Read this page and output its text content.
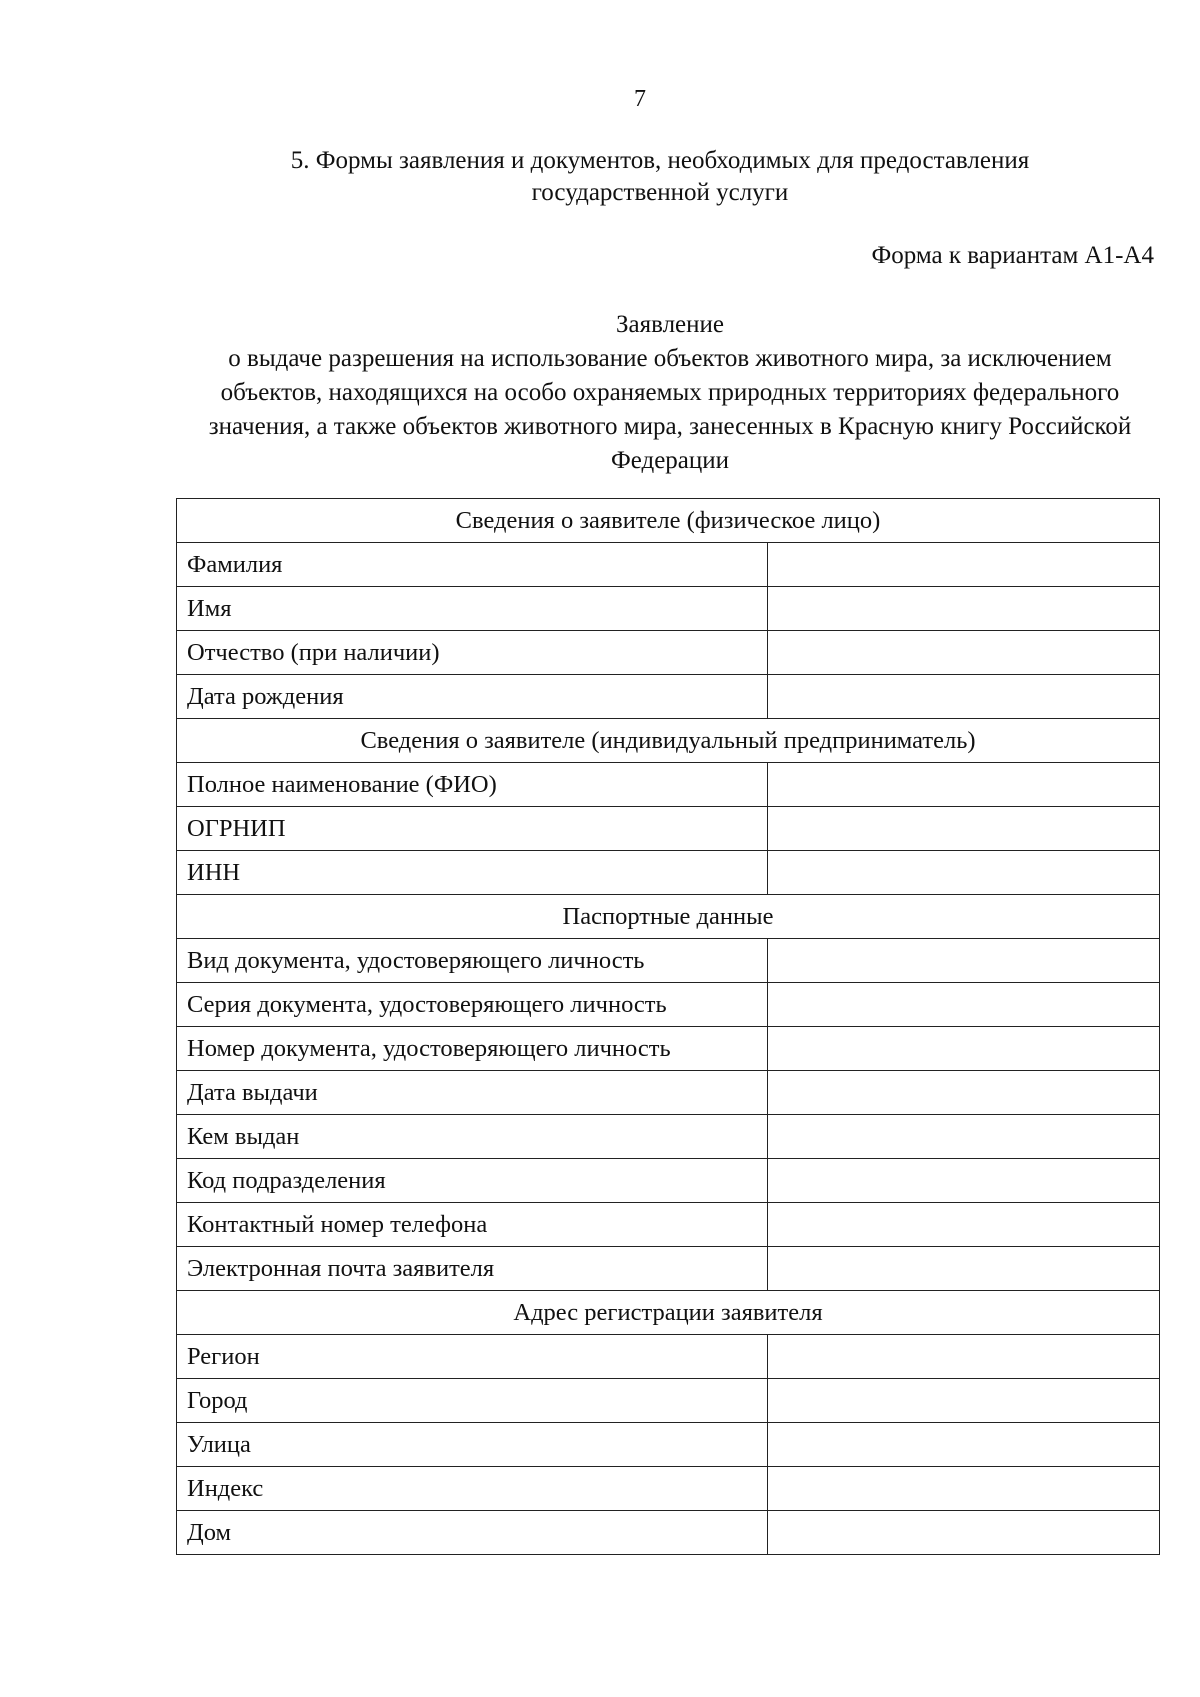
7
5. Формы заявления и документов, необходимых для предоставления государственной услуги
Форма к вариантам А1-А4
Заявление
о выдаче разрешения на использование объектов животного мира, за исключением объектов, находящихся на особо охраняемых природных территориях федерального значения, а также объектов животного мира, занесенных в Красную книгу Российской Федерации
Сведения о заявителе (физическое лицо)	
Фамилия	
Имя	
Отчество (при наличии)	
Дата рождения	
Сведения о заявителе (индивидуальный предприниматель)	
Полное наименование (ФИО)	
ОГРНИП	
ИНН	
Паспортные данные	
Вид документа, удостоверяющего личность	
Серия документа, удостоверяющего личность	
Номер документа, удостоверяющего личность	
Дата выдачи	
Кем выдан	
Код подразделения	
Контактный номер телефона	
Электронная почта заявителя	
Адрес регистрации заявителя	
Регион	
Город	
Улица	
Индекс	
Дом	
